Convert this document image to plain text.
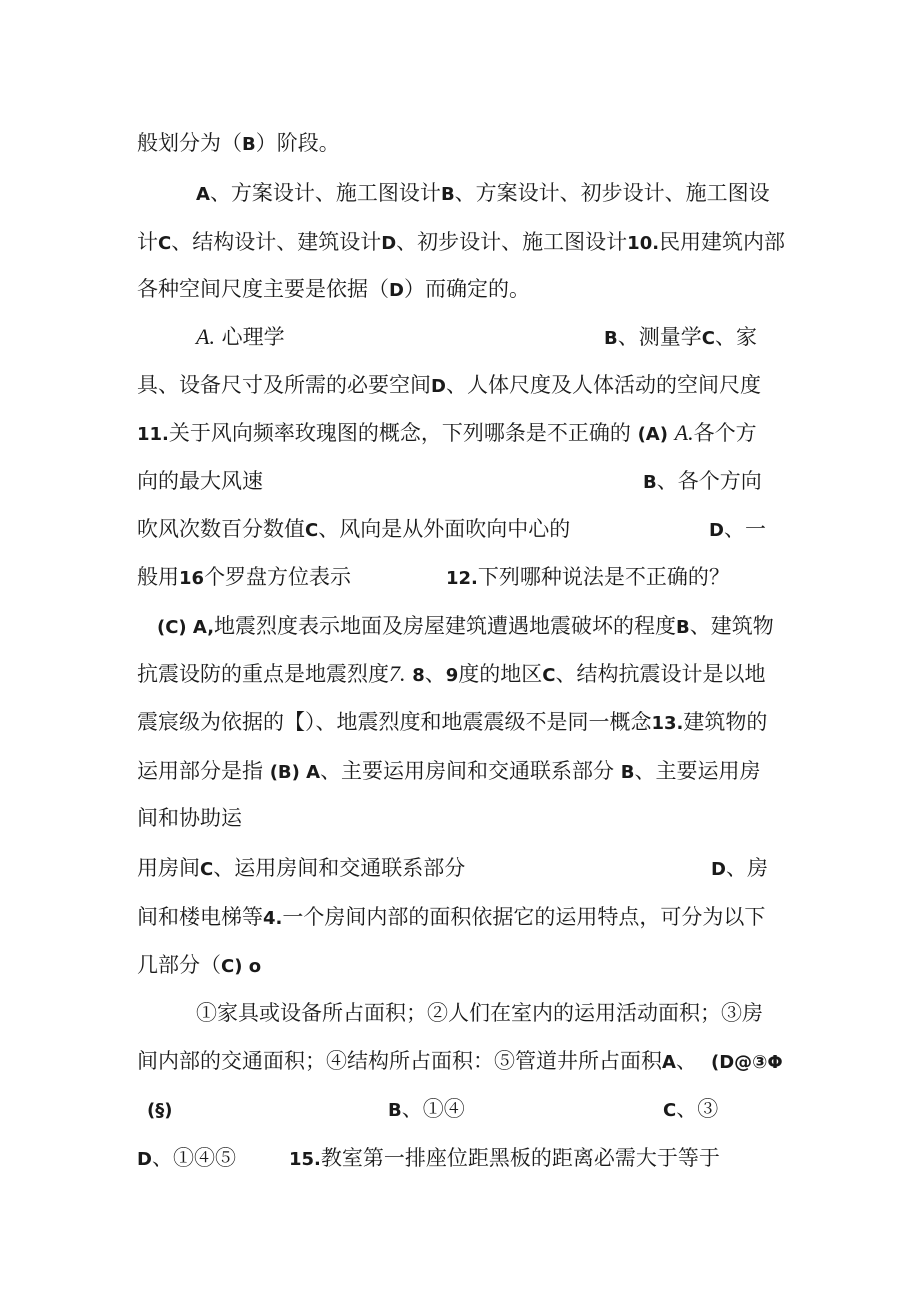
般划分为（B）阶段。
A、方案设计、施工图设计B、方案设计、初步设计、施工图设
计C、结构设计、建筑设计D、初步设计、施工图设计10.民用建筑内部
各种空间尺度主要是依据（D）而确定的。
A. 心理学	B、测量学C、家
具、设备尺寸及所需的必要空间D、人体尺度及人体活动的空间尺度
11.关于风向频率玫瑰图的概念，下列哪条是不正确的 (A) A.各个方
向的最大风速	B、各个方向
吹风次数百分数值C、风向是从外面吹向中心的	D、一
般用16个罗盘方位表示	12.下列哪种说法是不正确的？
(C) A,地震烈度表示地面及房屋建筑遭遇地震破坏的程度B、建筑物
抗震设防的重点是地震烈度7. 8、9度的地区C、结构抗震设计是以地
震宸级为依据的【）、地震烈度和地震震级不是同一概念13.建筑物的
运用部分是指 (B) A、主要运用房间和交通联系部分 B、主要运用房
间和协助运
用房间C、运用房间和交通联系部分	D、房
间和楼电梯等4.一个房间内部的面积依据它的运用特点，可分为以下
几部分（C) o
①家具或设备所占面积；②人们在室内的运用活动面积；③房
间内部的交通面积；④结构所占面积：⑤管道井所占面积A、 (D@③Φ
(§)	B、①④	C、③
D、①④⑤	15.教室第一排座位距黑板的距离必需大于等于
